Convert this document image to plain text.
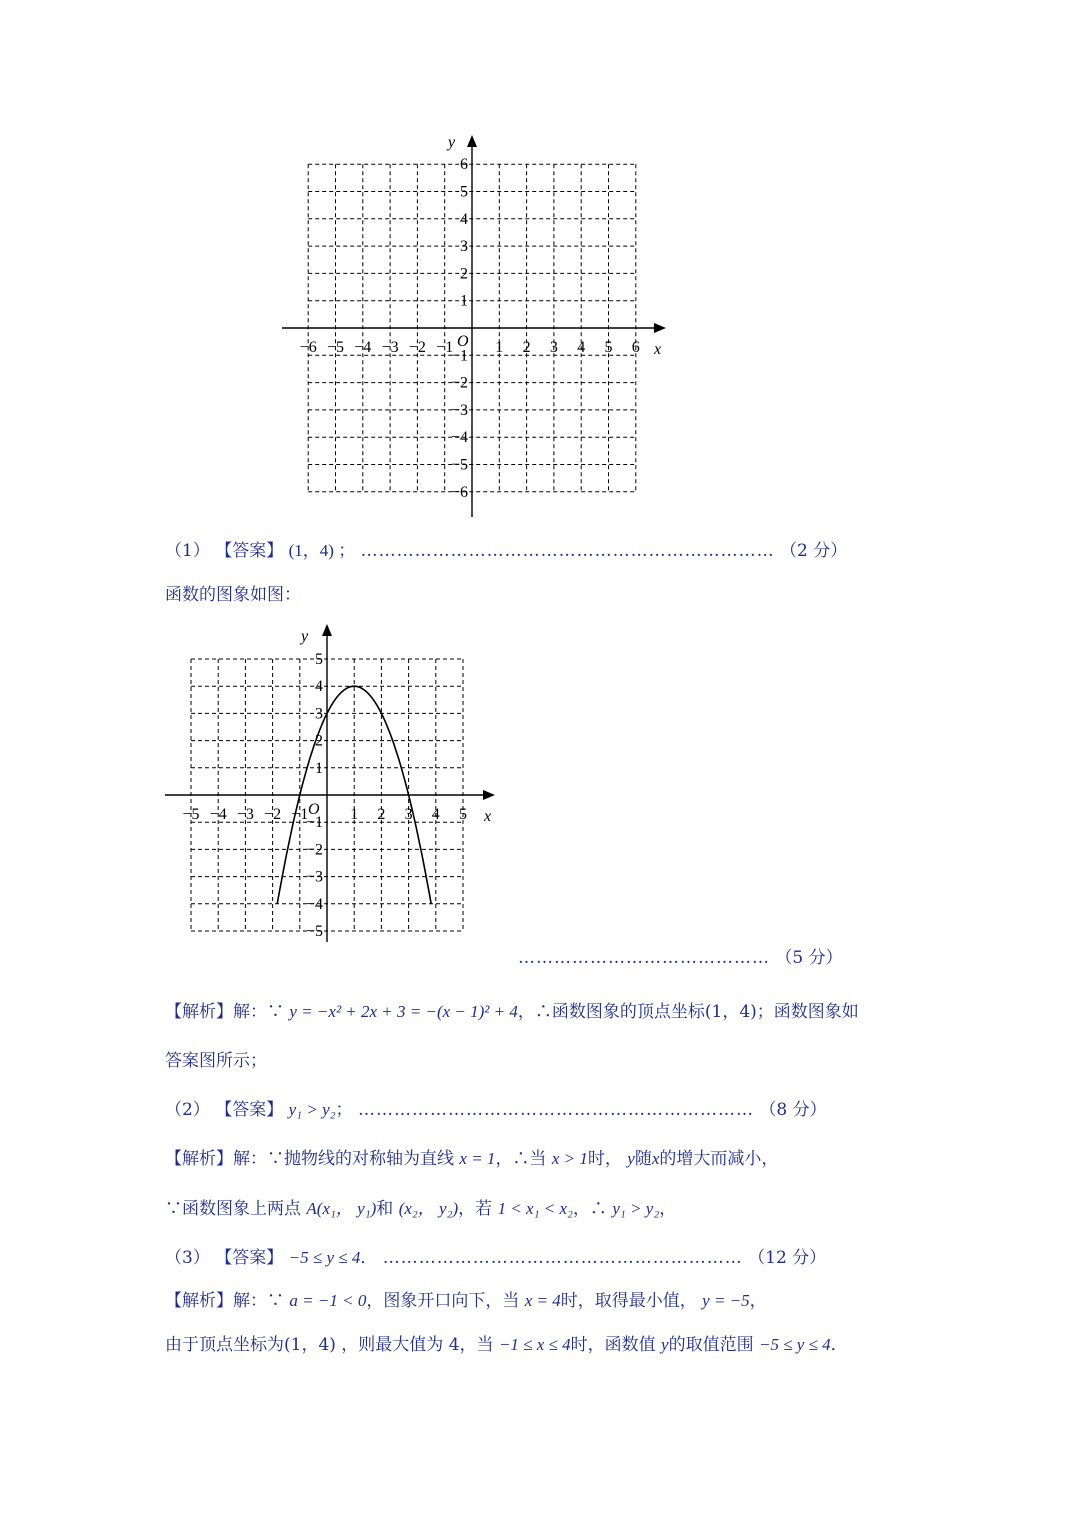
−6 −5 −4 −3 −2 −1	1 2 3 4 5 6
6
5
4
3
2
1
−1
−2
−3
−4
−5
−6
x
y
O
（1） 【答案】 (1，4) ； …………………………………………………………… （2 分）
函数的图象如图：
−5 −4 −3 −2 −1	1 2 3 4 5
5
4
3
2
1
−1
−2
−3
−4
−5
x
y
O
…………………………………… （5 分）
【解析】解：∵ y = −x² + 2x + 3 = −(x − 1)² + 4，∴函数图象的顶点坐标(1，4)；函数图象如
答案图所示；
（2） 【答案】 y₁ > y₂； ………………………………………………………… （8 分）
【解析】解：∵抛物线的对称轴为直线 x = 1，∴当 x > 1时， y随x的增大而减小，
∵函数图象上两点 A(x₁， y₁)和 (x₂， y₂)，若 1 < x₁ < x₂，∴ y₁ > y₂，
（3） 【答案】 −5 ≤ y ≤ 4． …………………………………………………… （12 分）
【解析】解：∵ a = −1 < 0，图象开口向下，当 x = 4时，取得最小值， y = −5，
由于顶点坐标为(1，4) ，则最大值为 4，当 −1 ≤ x ≤ 4时，函数值 y的取值范围 −5 ≤ y ≤ 4．
